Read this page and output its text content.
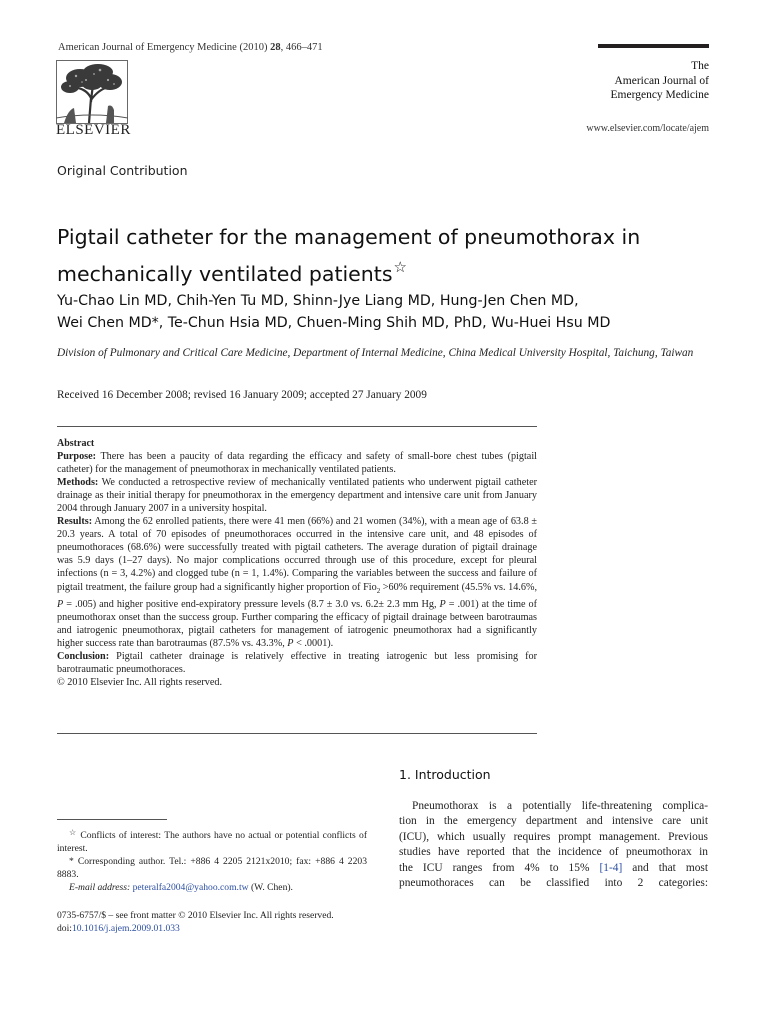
American Journal of Emergency Medicine (2010) 28, 466–471
ELSEVIER
The
American Journal of
Emergency Medicine
www.elsevier.com/locate/ajem
Original Contribution
Pigtail catheter for the management of pneumothorax in
mechanically ventilated patients☆
Yu-Chao Lin MD, Chih-Yen Tu MD, Shinn-Jye Liang MD, Hung-Jen Chen MD,
Wei Chen MD*, Te-Chun Hsia MD, Chuen-Ming Shih MD, PhD, Wu-Huei Hsu MD
Division of Pulmonary and Critical Care Medicine, Department of Internal Medicine, China Medical University Hospital, Taichung, Taiwan
Received 16 December 2008; revised 16 January 2009; accepted 27 January 2009
Abstract

Purpose: There has been a paucity of data regarding the efficacy and safety of small-bore chest tubes (pigtail catheter) for the management of pneumothorax in mechanically ventilated patients.

Methods: We conducted a retrospective review of mechanically ventilated patients who underwent pigtail catheter drainage as their initial therapy for pneumothorax in the emergency department and intensive care unit from January 2004 through January 2007 in a university hospital.

Results: Among the 62 enrolled patients, there were 41 men (66%) and 21 women (34%), with a mean age of 63.8 ± 20.3 years. A total of 70 episodes of pneumothoraces occurred in the intensive care unit, and 48 episodes of pneumothoraces (68.6%) were successfully treated with pigtail catheters. The average duration of pigtail drainage was 5.9 days (1–27 days). No major complications occurred through use of this procedure, except for pleural infections (n = 3, 4.2%) and clogged tube (n = 1, 1.4%). Comparing the variables between the success and failure of pigtail treatment, the failure group had a significantly higher proportion of Fio$_2$ >60% requirement (45.5% vs. 14.6%, P = .005) and higher positive end-expiratory pressure levels (8.7 ± 3.0 vs. 6.2± 2.3 mm Hg, P = .001) at the time of pneumothorax onset than the success group. Further comparing the efficacy of pigtail drainage between barotraumas and iatrogenic pneumothorax, pigtail catheters for management of iatrogenic pneumothorax had a significantly higher success rate than barotraumas (87.5% vs. 43.3%, P < .0001).

Conclusion: Pigtail catheter drainage is relatively effective in treating iatrogenic but less promising for barotraumatic pneumothoraces.

© 2010 Elsevier Inc. All rights reserved.

1. Introduction
Pneumothorax is a potentially life-threatening complica-
tion in the emergency department and intensive care unit
(ICU), which usually requires prompt management. Previous
studies have reported that the incidence of pneumothorax in
the ICU ranges from 4% to 15% [1-4] and that most
pneumothoraces can be classified into 2 categories:
☆ Conflicts of interest: The authors have no actual or potential conflicts of interest.
* Corresponding author. Tel.: +886 4 2205 2121x2010; fax: +886 4 2203 8883.
E-mail address: peteralfa2004@yahoo.com.tw (W. Chen).
0735-6757/$ – see front matter © 2010 Elsevier Inc. All rights reserved.
doi:10.1016/j.ajem.2009.01.033
